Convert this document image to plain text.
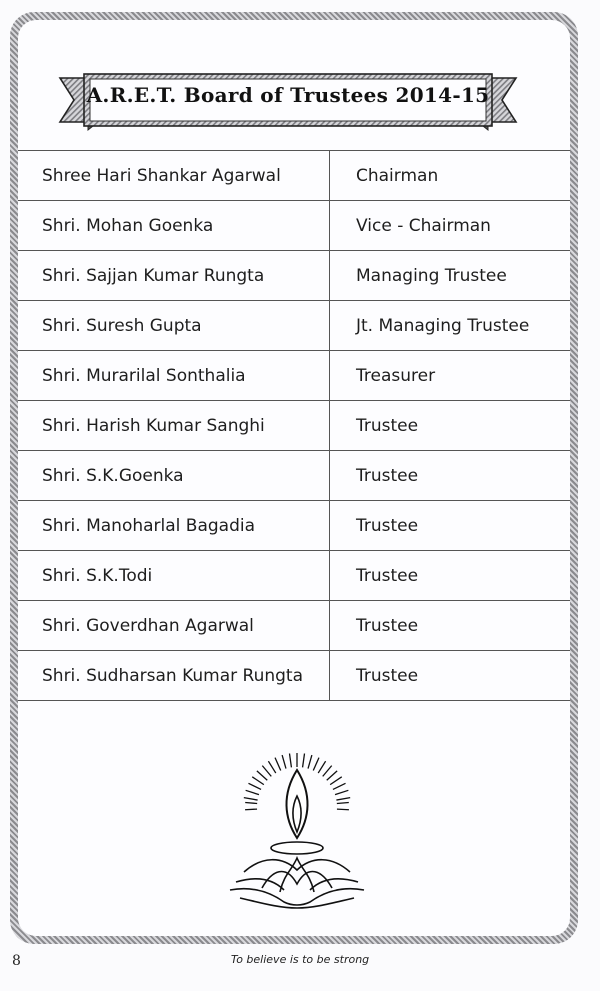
A.R.E.T. Board of Trustees 2014-15
Shree Hari Shankar Agarwal	Chairman
Shri. Mohan Goenka	Vice - Chairman
Shri. Sajjan Kumar Rungta	Managing Trustee
Shri. Suresh Gupta	Jt. Managing Trustee
Shri. Murarilal Sonthalia	Treasurer
Shri. Harish Kumar Sanghi	Trustee
Shri. S.K.Goenka	Trustee
Shri. Manoharlal Bagadia	Trustee
Shri. S.K.Todi	Trustee
Shri. Goverdhan Agarwal	Trustee
Shri. Sudharsan Kumar Rungta	Trustee
8	To believe is to be strong
